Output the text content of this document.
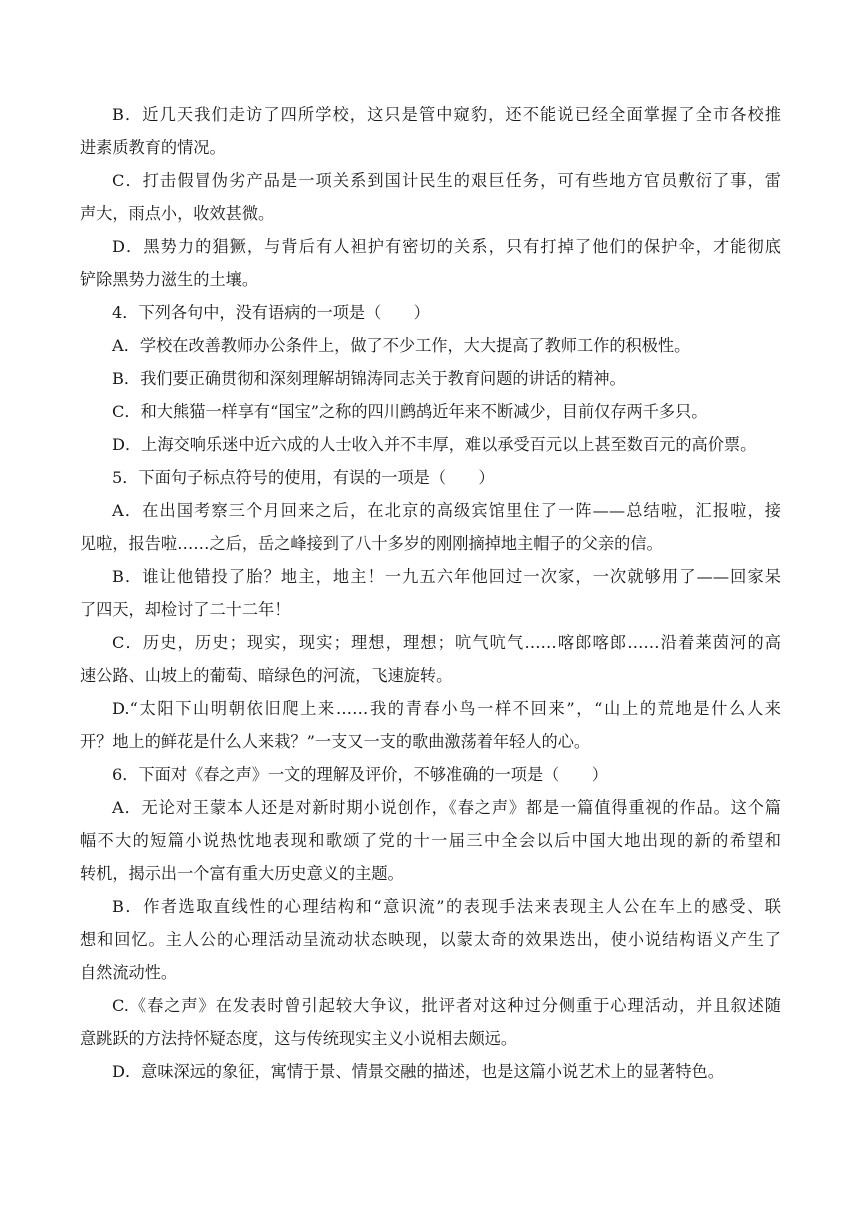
B．近几天我们走访了四所学校，这只是管中窥豹，还不能说已经全面掌握了全市各校推
进素质教育的情况。
C．打击假冒伪劣产品是一项关系到国计民生的艰巨任务，可有些地方官员敷衍了事，雷
声大，雨点小，收效甚微。
D．黑势力的猖獗，与背后有人袒护有密切的关系，只有打掉了他们的保护伞，才能彻底
铲除黑势力滋生的土壤。
4．下列各句中，没有语病的一项是（　　）
A．学校在改善教师办公条件上，做了不少工作，大大提高了教师工作的积极性。
B．我们要正确贯彻和深刻理解胡锦涛同志关于教育问题的讲话的精神。
C．和大熊猫一样享有“国宝”之称的四川鹧鸪近年来不断减少，目前仅存两千多只。
D．上海交响乐迷中近六成的人士收入并不丰厚，难以承受百元以上甚至数百元的高价票。
5．下面句子标点符号的使用，有误的一项是（　　）
A．在出国考察三个月回来之后，在北京的高级宾馆里住了一阵——总结啦，汇报啦，接
见啦，报告啦……之后，岳之峰接到了八十多岁的刚刚摘掉地主帽子的父亲的信。
B．谁让他错投了胎？地主，地主！一九五六年他回过一次家，一次就够用了——回家呆
了四天，却检讨了二十二年！
C．历史，历史；现实，现实；理想，理想；吭气吭气……喀郎喀郎……沿着莱茵河的高
速公路、山坡上的葡萄、暗绿色的河流，飞速旋转。
D.“太阳下山明朝依旧爬上来……我的青春小鸟一样不回来”，“山上的荒地是什么人来
开？地上的鲜花是什么人来栽？”一支又一支的歌曲激荡着年轻人的心。
6．下面对《春之声》一文的理解及评价，不够准确的一项是（　　）
A．无论对王蒙本人还是对新时期小说创作，《春之声》都是一篇值得重视的作品。这个篇
幅不大的短篇小说热忱地表现和歌颂了党的十一届三中全会以后中国大地出现的新的希望和
转机，揭示出一个富有重大历史意义的主题。
B．作者选取直线性的心理结构和“意识流”的表现手法来表现主人公在车上的感受、联
想和回忆。主人公的心理活动呈流动状态映现，以蒙太奇的效果迭出，使小说结构语义产生了
自然流动性。
C.《春之声》在发表时曾引起较大争议，批评者对这种过分侧重于心理活动，并且叙述随
意跳跃的方法持怀疑态度，这与传统现实主义小说相去颇远。
D．意味深远的象征，寓情于景、情景交融的描述，也是这篇小说艺术上的显著特色。
